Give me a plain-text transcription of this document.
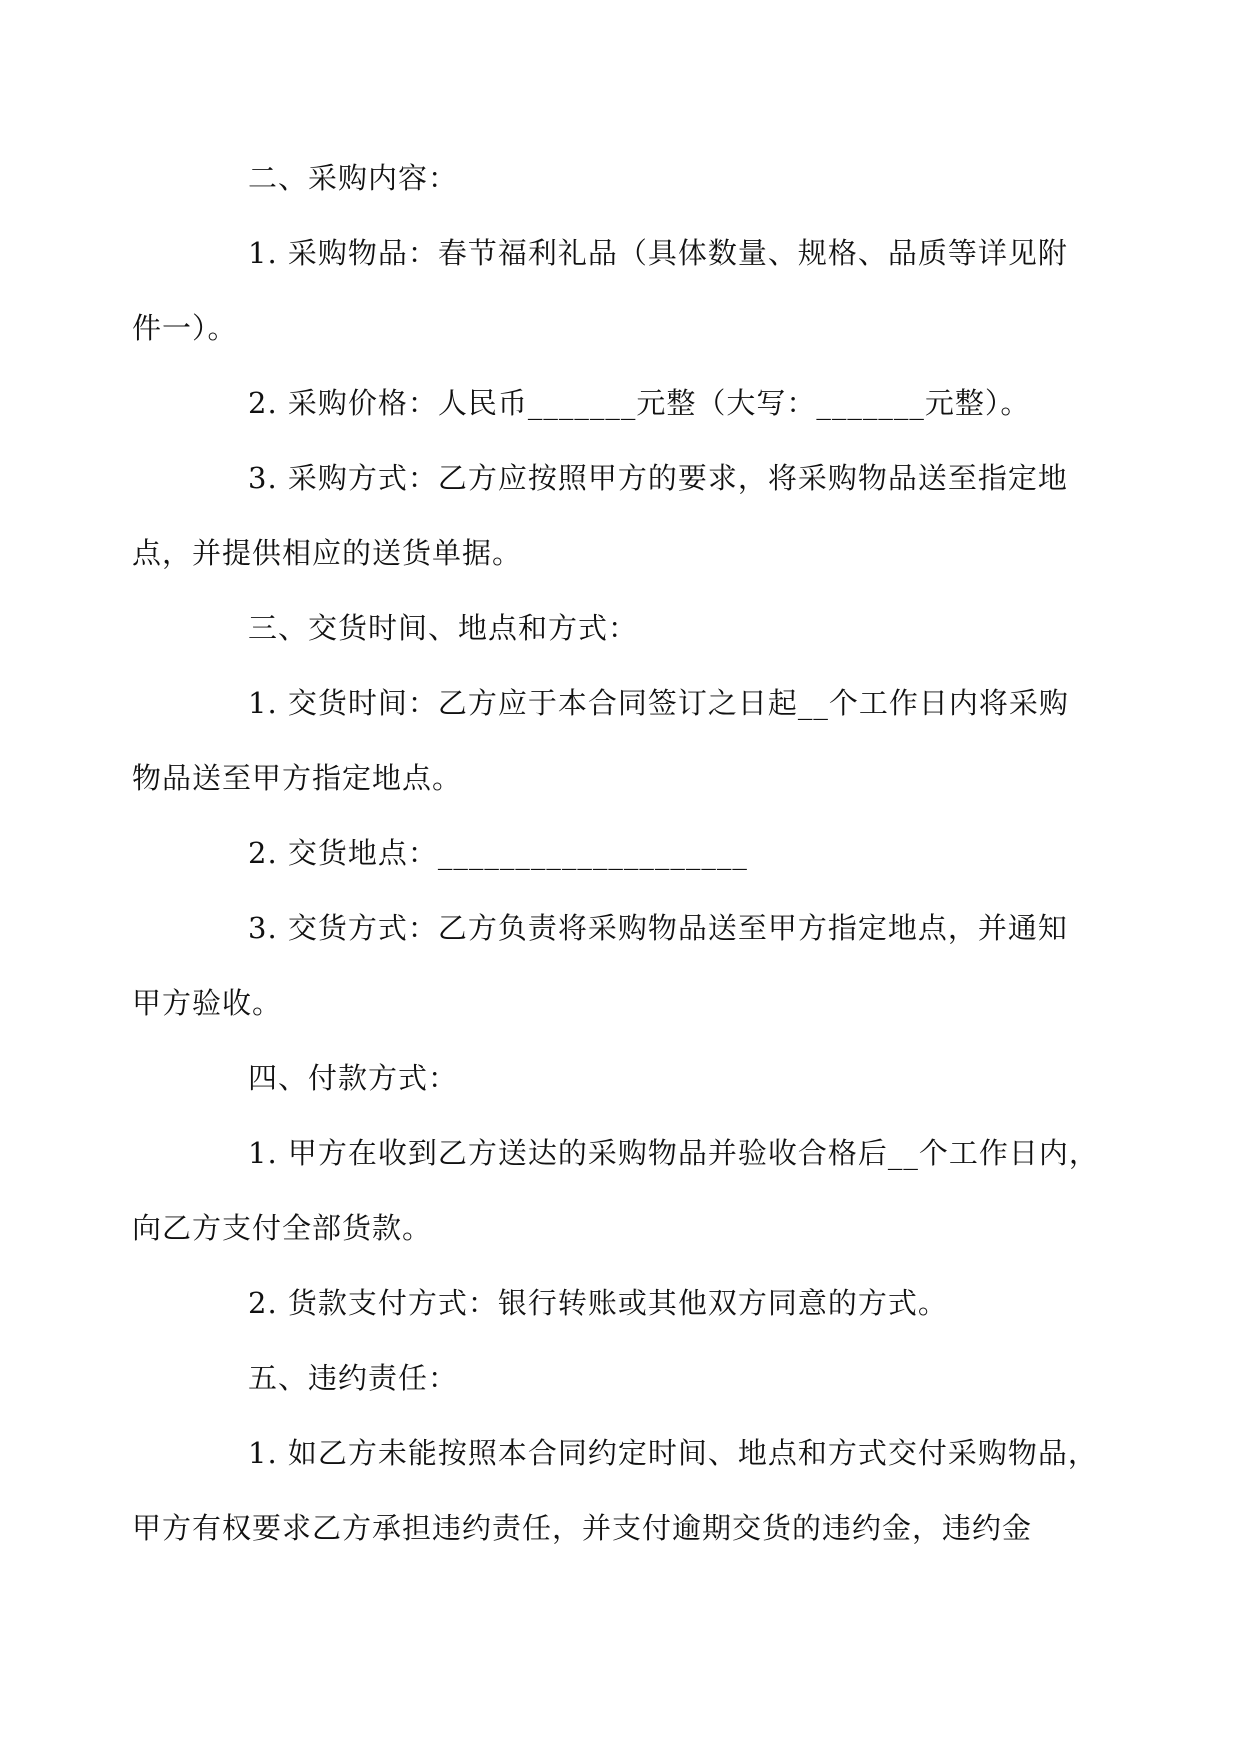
二、采购内容：

1. 采购物品：春节福利礼品（具体数量、规格、品质等详见附
件一）。

2. 采购价格：人民币_______元整（大写：_______元整）。

3. 采购方式：乙方应按照甲方的要求，将采购物品送至指定地
点，并提供相应的送货单据。

三、交货时间、地点和方式：

1. 交货时间：乙方应于本合同签订之日起__个工作日内将采购
物品送至甲方指定地点。

2. 交货地点：____________________

3. 交货方式：乙方负责将采购物品送至甲方指定地点，并通知
甲方验收。

四、付款方式：

1. 甲方在收到乙方送达的采购物品并验收合格后__个工作日内，
向乙方支付全部货款。

2. 货款支付方式：银行转账或其他双方同意的方式。

五、违约责任：

1. 如乙方未能按照本合同约定时间、地点和方式交付采购物品，
甲方有权要求乙方承担违约责任，并支付逾期交货的违约金，违约金
